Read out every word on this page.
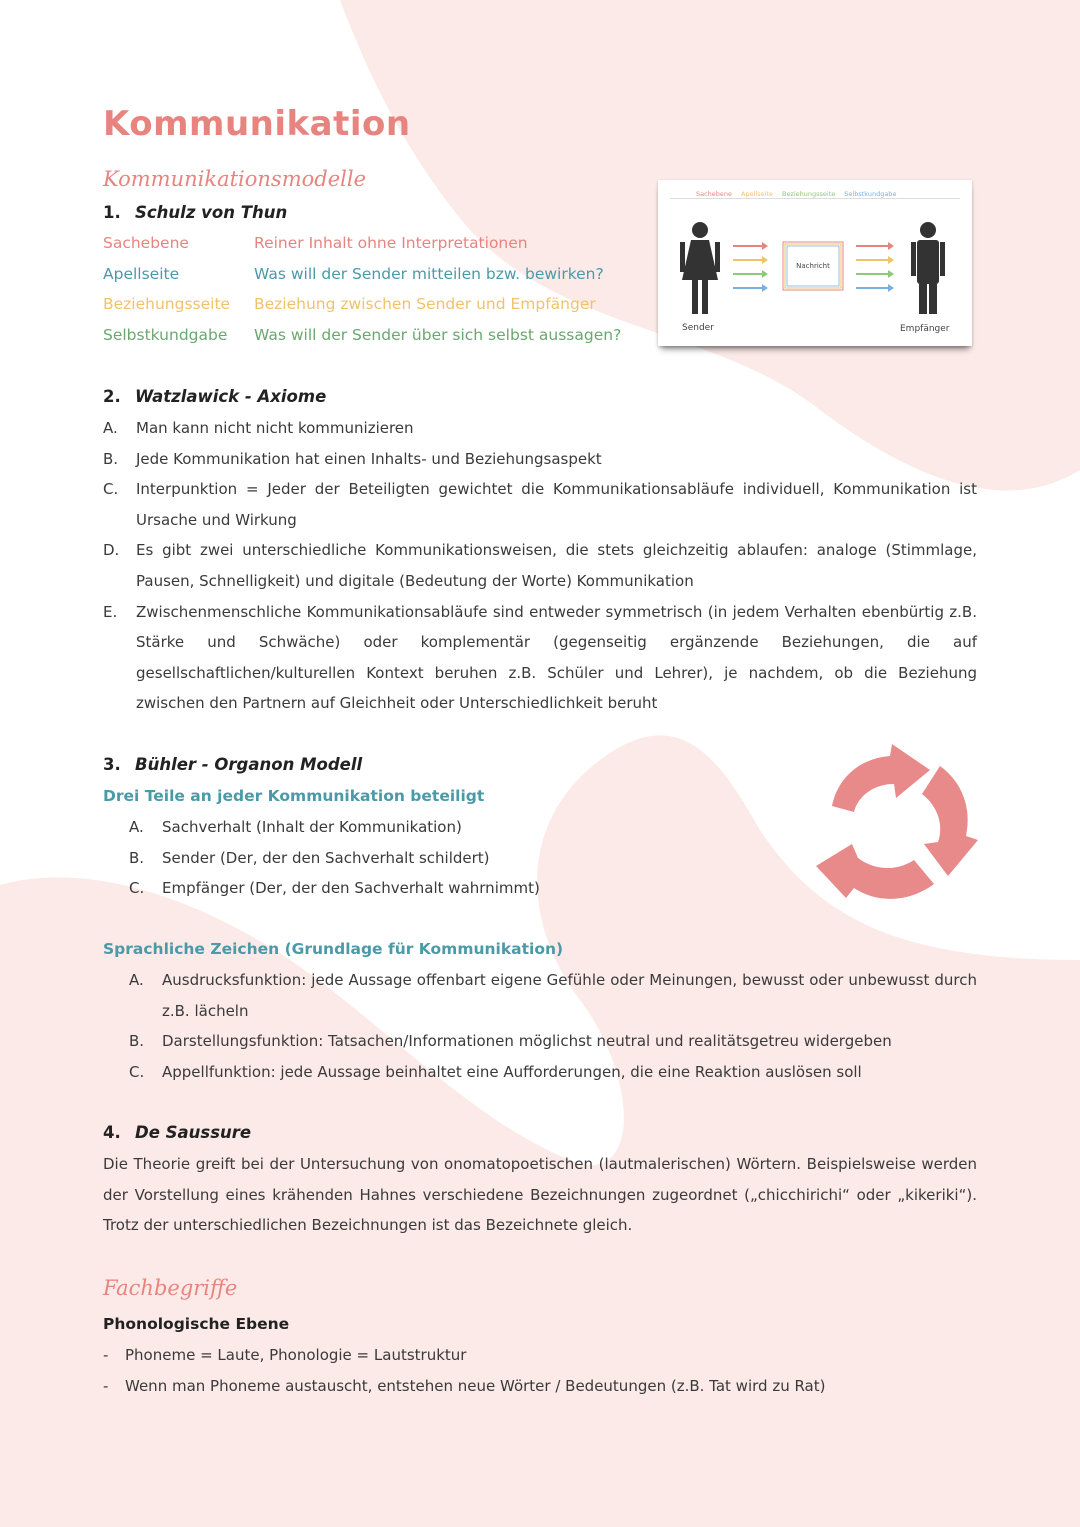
Kommunikation
Kommunikationsmodelle
1. Schulz von Thun
Sachebene	Reiner Inhalt ohne Interpretationen
Apellseite	Was will der Sender mitteilen bzw. bewirken?
Beziehungsseite Beziehung zwischen Sender und Empfänger
Selbstkundgabe Was will der Sender über sich selbst aussagen?
Sachebene Apellseite Beziehungsseite Selbstkundgabe
Nachricht
Sender	Empfänger
2. Watzlawick - Axiome
A.	Man kann nicht nicht kommunizieren
B.	Jede Kommunikation hat einen Inhalts- und Beziehungsaspekt
C.	Interpunktion = Jeder der Beteiligten gewichtet die Kommunikationsabläufe individuell, Kommunikation ist Ursache und Wirkung
D.	Es gibt zwei unterschiedliche Kommunikationsweisen, die stets gleichzeitig ablaufen: analoge (Stimmlage, Pausen, Schnelligkeit) und digitale (Bedeutung der Worte) Kommunikation
E.	Zwischenmenschliche Kommunikationsabläufe sind entweder symmetrisch (in jedem Verhalten ebenbürtig z.B. Stärke und Schwäche) oder komplementär (gegenseitig ergänzende Beziehungen, die auf gesellschaftlichen/kulturellen Kontext beruhen z.B. Schüler und Lehrer), je nachdem, ob die Beziehung zwischen den Partnern auf Gleichheit oder Unterschiedlichkeit beruht
3. Bühler - Organon Modell
Drei Teile an jeder Kommunikation beteiligt
A.	Sachverhalt (Inhalt der Kommunikation)
B.	Sender (Der, der den Sachverhalt schildert)
C.	Empfänger (Der, der den Sachverhalt wahrnimmt)
Sprachliche Zeichen (Grundlage für Kommunikation)
A.	Ausdrucksfunktion: jede Aussage offenbart eigene Gefühle oder Meinungen, bewusst oder unbewusst durch z.B. lächeln
B.	Darstellungsfunktion: Tatsachen/Informationen möglichst neutral und realitätsgetreu widergeben
C.	Appellfunktion: jede Aussage beinhaltet eine Aufforderungen, die eine Reaktion auslösen soll
4. De Saussure
Die Theorie greift bei der Untersuchung von onomatopoetischen (lautmalerischen) Wörtern. Beispielsweise werden der Vorstellung eines krähenden Hahnes verschiedene Bezeichnungen zugeordnet („chicchirichi“ oder „kikeriki“). Trotz der unterschiedlichen Bezeichnungen ist das Bezeichnete gleich.
Fachbegriffe
Phonologische Ebene
-	Phoneme = Laute, Phonologie = Lautstruktur
-	Wenn man Phoneme austauscht, entstehen neue Wörter / Bedeutungen (z.B. Tat wird zu Rat)
